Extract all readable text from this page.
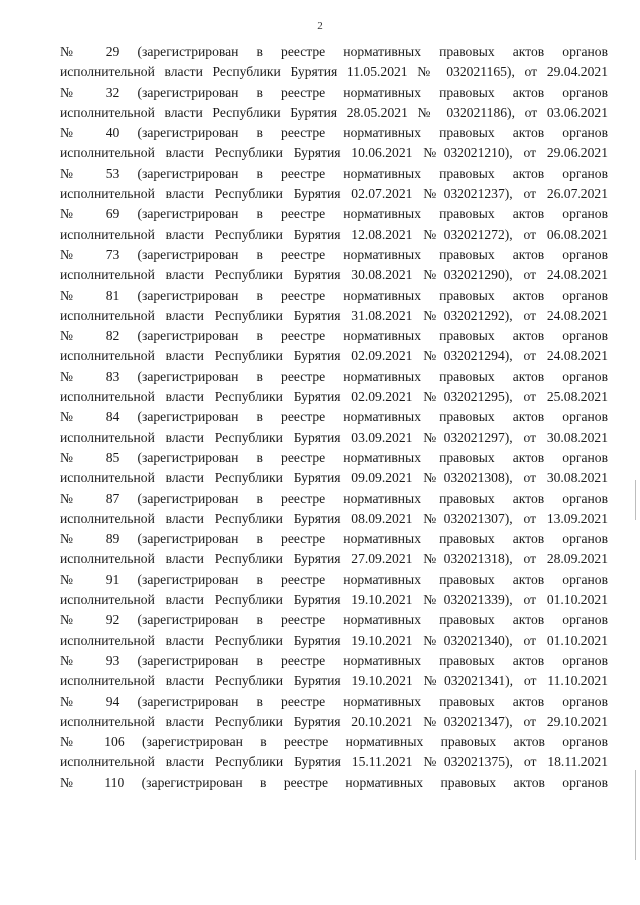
2
№ 29 (зарегистрирован в реестре нормативных правовых актов органов
исполнительной власти Республики Бурятия 11.05.2021 № 032021165), от 29.04.2021
№ 32 (зарегистрирован в реестре нормативных правовых актов органов
исполнительной власти Республики Бурятия 28.05.2021 № 032021186), от 03.06.2021
№ 40 (зарегистрирован в реестре нормативных правовых актов органов
исполнительной власти Республики Бурятия 10.06.2021 №032021210), от 29.06.2021
№ 53 (зарегистрирован в реестре нормативных правовых актов органов
исполнительной власти Республики Бурятия 02.07.2021 №032021237), от 26.07.2021
№ 69 (зарегистрирован в реестре нормативных правовых актов органов
исполнительной власти Республики Бурятия 12.08.2021 №032021272), от 06.08.2021
№ 73 (зарегистрирован в реестре нормативных правовых актов органов
исполнительной власти Республики Бурятия 30.08.2021 №032021290), от 24.08.2021
№ 81 (зарегистрирован в реестре нормативных правовых актов органов
исполнительной власти Республики Бурятия 31.08.2021 №032021292), от 24.08.2021
№ 82 (зарегистрирован в реестре нормативных правовых актов органов
исполнительной власти Республики Бурятия 02.09.2021 №032021294), от 24.08.2021
№ 83 (зарегистрирован в реестре нормативных правовых актов органов
исполнительной власти Республики Бурятия 02.09.2021 №032021295), от 25.08.2021
№ 84 (зарегистрирован в реестре нормативных правовых актов органов
исполнительной власти Республики Бурятия 03.09.2021 №032021297), от 30.08.2021
№ 85 (зарегистрирован в реестре нормативных правовых актов органов
исполнительной власти Республики Бурятия 09.09.2021 №032021308), от 30.08.2021
№ 87 (зарегистрирован в реестре нормативных правовых актов органов
исполнительной власти Республики Бурятия 08.09.2021 №032021307), от 13.09.2021
№ 89 (зарегистрирован в реестре нормативных правовых актов органов
исполнительной власти Республики Бурятия 27.09.2021 №032021318), от 28.09.2021
№ 91 (зарегистрирован в реестре нормативных правовых актов органов
исполнительной власти Республики Бурятия 19.10.2021 №032021339), от 01.10.2021
№ 92 (зарегистрирован в реестре нормативных правовых актов органов
исполнительной власти Республики Бурятия 19.10.2021 №032021340), от 01.10.2021
№ 93 (зарегистрирован в реестре нормативных правовых актов органов
исполнительной власти Республики Бурятия 19.10.2021 №032021341), от 11.10.2021
№ 94 (зарегистрирован в реестре нормативных правовых актов органов
исполнительной власти Республики Бурятия 20.10.2021 №032021347), от 29.10.2021
№ 106 (зарегистрирован в реестре нормативных правовых актов органов
исполнительной власти Республики Бурятия 15.11.2021 №032021375), от 18.11.2021
№ 110 (зарегистрирован в реестре нормативных правовых актов органов
